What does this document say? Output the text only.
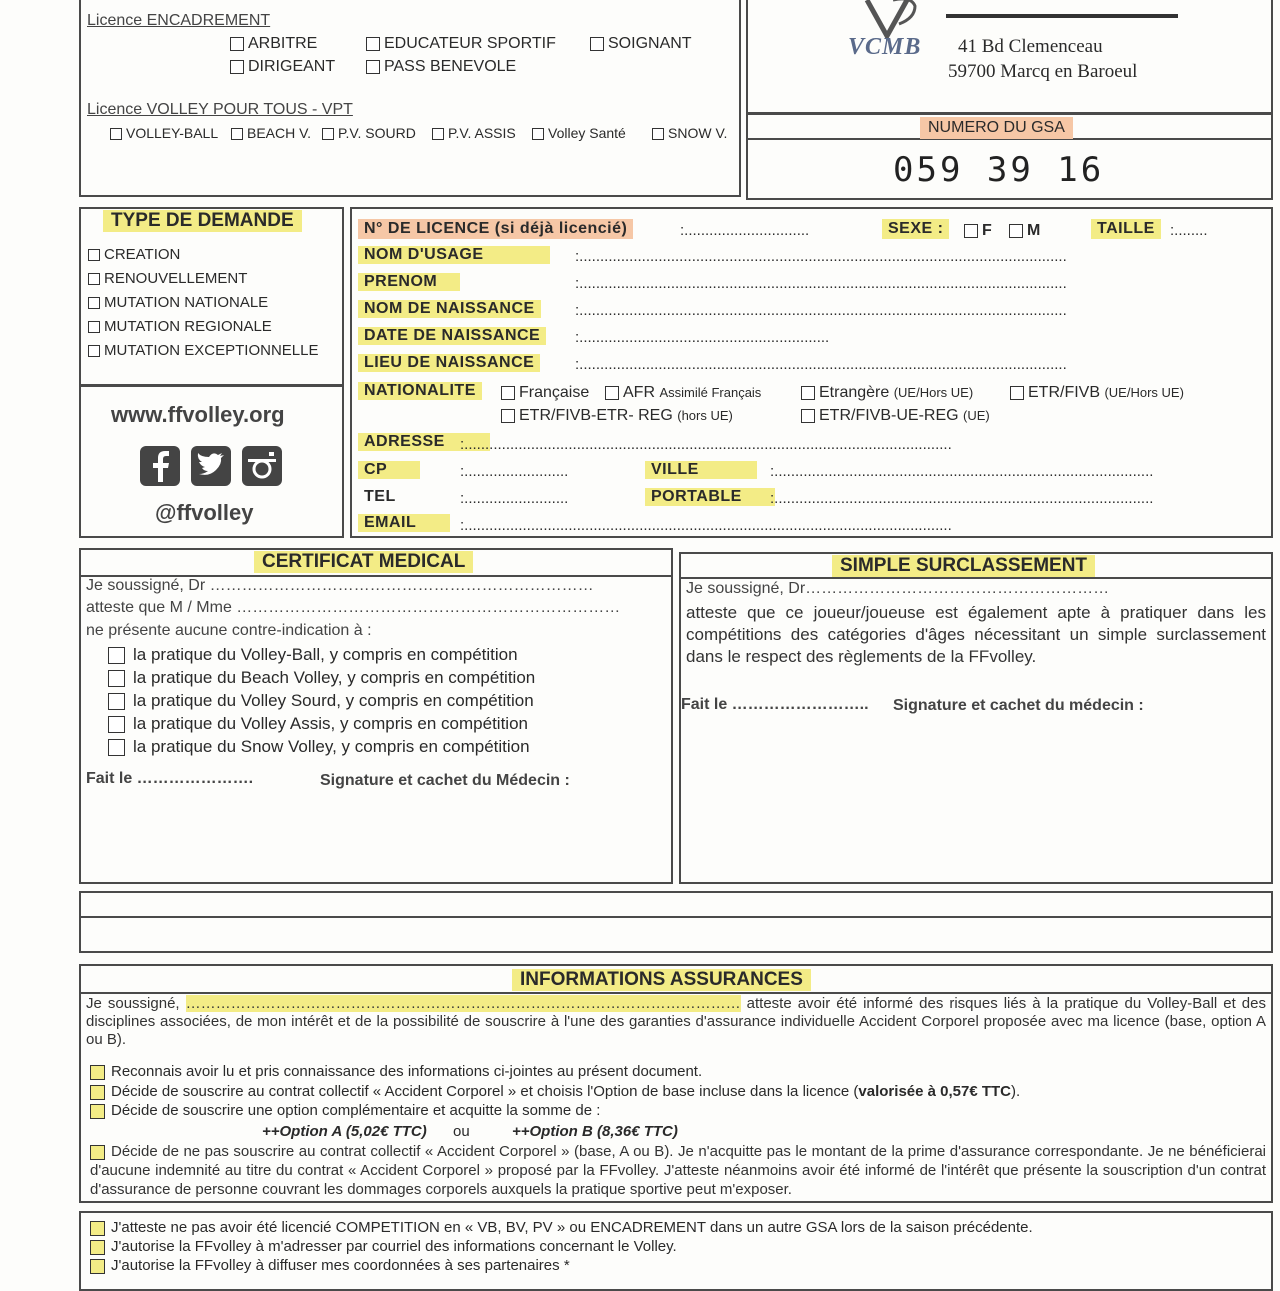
Licence ENCADREMENT
ARBITRE	EDUCATEUR SPORTIF	SOIGNANT
DIRIGEANT	PASS BENEVOLE
Licence VOLLEY POUR TOUS - VPT
VOLLEY-BALL	BEACH V.	P.V. SOURD	P.V. ASSIS	Volley Santé	SNOW V.
VCMB 41 Bd Clemenceau
59700 Marcq en Baroeul
NUMERO DU GSA
059 39 16
TYPE DE DEMANDE
CREATION
RENOUVELLEMENT
MUTATION NATIONALE
MUTATION REGIONALE
MUTATION EXCEPTIONNELLE
www.ffvolley.org
@ffvolley
N° DE LICENCE (si déjà licencié)	:..............................	SEXE :	F	M	TAILLE	:........
NOM D'USAGE	:.....................................................................................................................
PRENOM	:.....................................................................................................................
NOM DE NAISSANCE	:.....................................................................................................................
DATE DE NAISSANCE	:............................................................
LIEU DE NAISSANCE	:.....................................................................................................................
NATIONALITE	Française	AFR Assimilé Français	Etrangère (UE/Hors UE)	ETR/FIVB (UE/Hors UE)
ETR/FIVB-ETR- REG (hors UE)	ETR/FIVB-UE-REG (UE)
ADRESSE	:.....................................................................................................................
CP	:.........................	VILLE	:...........................................................................................
TEL	:.........................	PORTABLE	:...........................................................................................
EMAIL	:.....................................................................................................................
CERTIFICAT MEDICAL
Je soussigné, Dr ………………………………………………………………
atteste que M / Mme ………………………………………………………………
ne présente aucune contre-indication à :
la pratique du Volley-Ball, y compris en compétition
la pratique du Beach Volley, y compris en compétition
la pratique du Volley Sourd, y compris en compétition
la pratique du Volley Assis, y compris en compétition
la pratique du Snow Volley, y compris en compétition
Fait le ………………….	Signature et cachet du Médecin :
SIMPLE SURCLASSEMENT
Je soussigné, Dr…………………………………………………
atteste que ce joueur/joueuse est également apte à pratiquer dans les compétitions des catégories d'âges nécessitant un simple surclassement dans le respect des règlements de la FFvolley.
Fait le …………………….. Signature et cachet du médecin :
INFORMATIONS ASSURANCES
Je soussigné, ………………………………………………………………………………………………… atteste avoir été informé des risques liés à la pratique du Volley-Ball et des disciplines associées, de mon intérêt et de la possibilité de souscrire à l'une des garanties d'assurance individuelle Accident Corporel proposée avec ma licence (base, option A ou B).
Reconnais avoir lu et pris connaissance des informations ci-jointes au présent document.
Décide de souscrire au contrat collectif « Accident Corporel » et choisis l'Option de base incluse dans la licence (valorisée à 0,57€ TTC).
Décide de souscrire une option complémentaire et acquitte la somme de :
++Option A (5,02€ TTC) ou	++Option B (8,36€ TTC)
Décide de ne pas souscrire au contrat collectif « Accident Corporel » (base, A ou B). Je n'acquitte pas le montant de la prime d'assurance correspondante. Je ne bénéficierai d'aucune indemnité au titre du contrat « Accident Corporel » proposé par la FFvolley. J'atteste néanmoins avoir été informé de l'intérêt que présente la souscription d'un contrat d'assurance de personne couvrant les dommages corporels auxquels la pratique sportive peut m'exposer.
J'atteste ne pas avoir été licencié COMPETITION en « VB, BV, PV » ou ENCADREMENT dans un autre GSA lors de la saison précédente.
J'autorise la FFvolley à m'adresser par courriel des informations concernant le Volley.
J'autorise la FFvolley à diffuser mes coordonnées à ses partenaires *
